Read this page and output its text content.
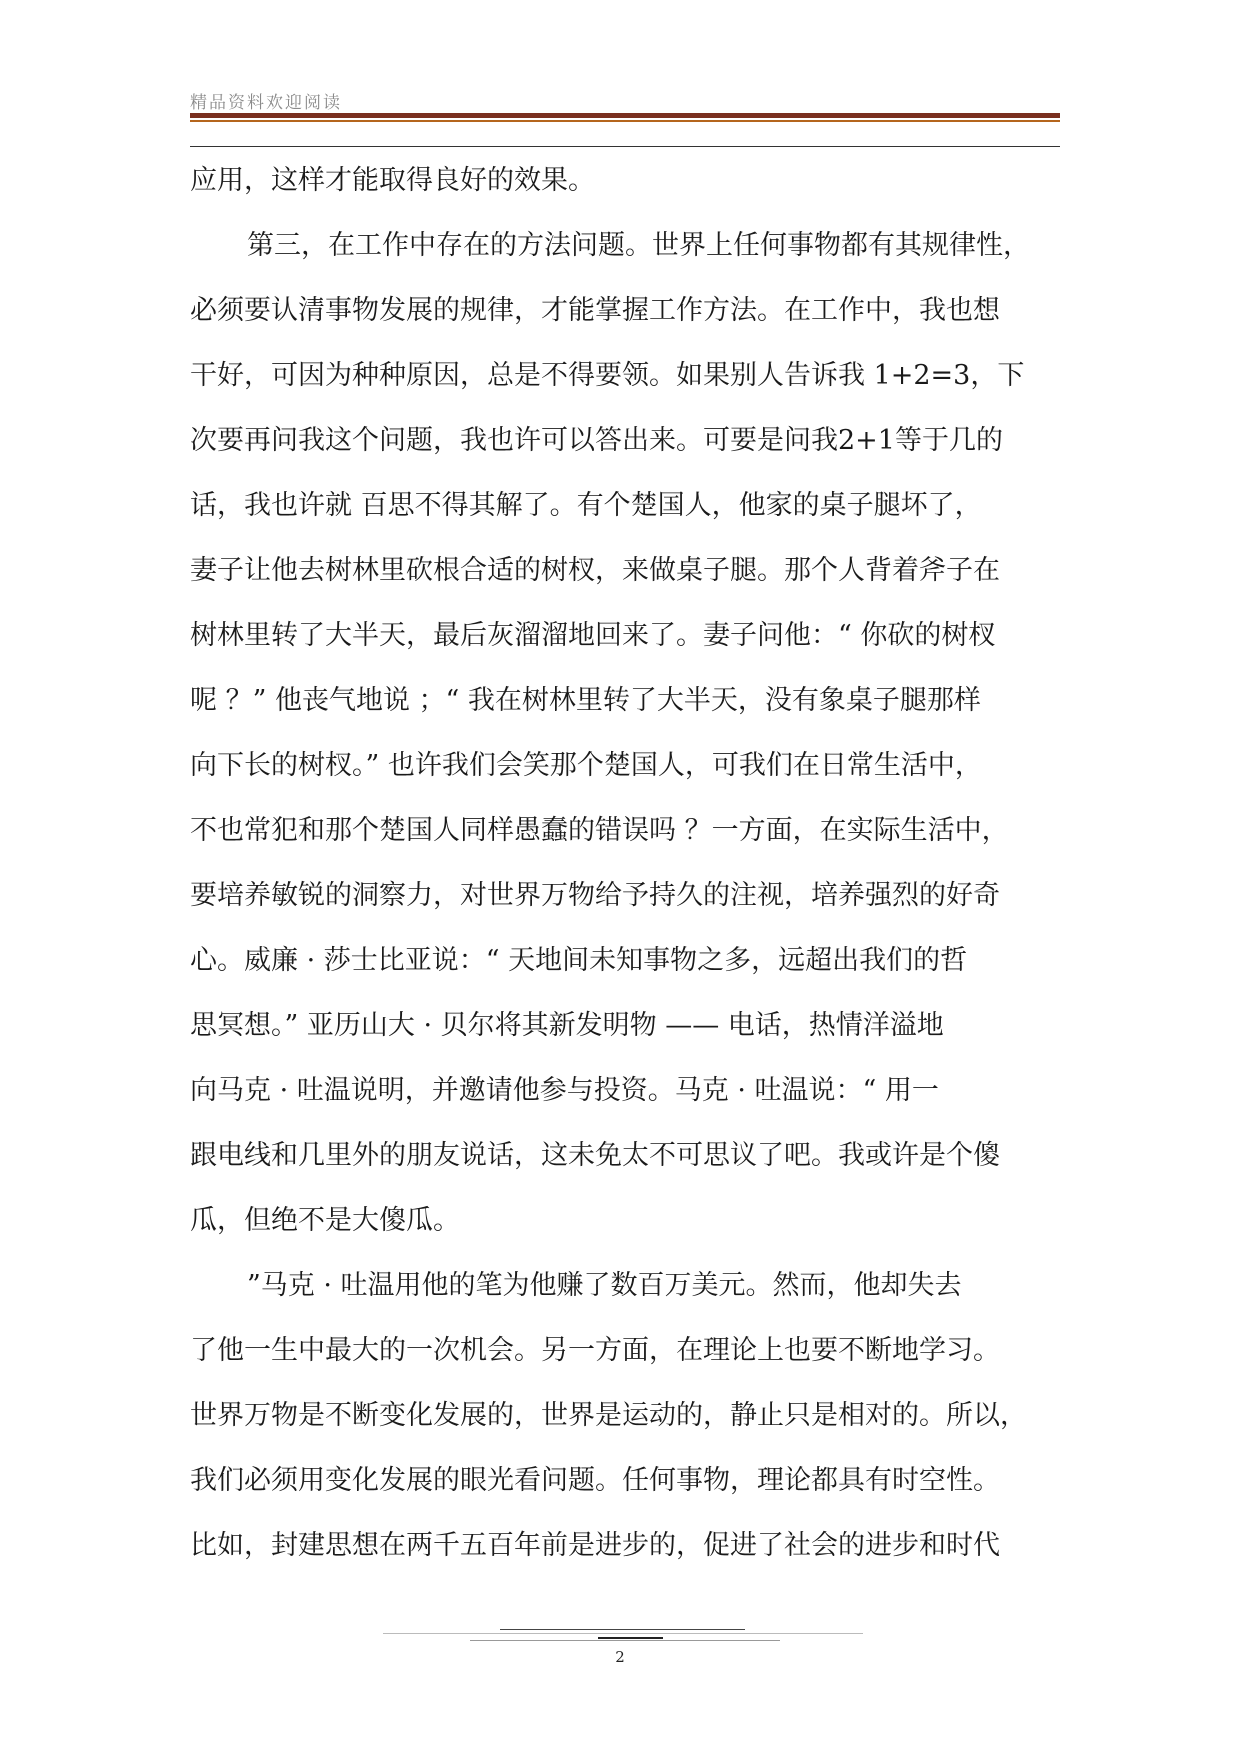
精品资料欢迎阅读
应用，这样才能取得良好的效果。
第三，在工作中存在的方法问题。世界上任何事物都有其规律性，
必须要认清事物发展的规律，才能掌握工作方法。在工作中，我也想
干好，可因为种种原因，总是不得要领。如果别人告诉我 1+2=3，下
次要再问我这个问题，我也许可以答出来。可要是问我2+1等于几的
话，我也许就 百思不得其解了。有个楚国人，他家的桌子腿坏了，
妻子让他去树林里砍根合适的树杈，来做桌子腿。那个人背着斧子在
树林里转了大半天，最后灰溜溜地回来了。妻子问他：“ 你砍的树杈
呢 ？” 他丧气地说 ；“ 我在树林里转了大半天，没有象桌子腿那样
向下长的树杈。” 也许我们会笑那个楚国人，可我们在日常生活中，
不也常犯和那个楚国人同样愚蠢的错误吗 ？一方面，在实际生活中，
要培养敏锐的洞察力，对世界万物给予持久的注视，培养强烈的好奇
心。威廉 · 莎士比亚说：“ 天地间未知事物之多，远超出我们的哲
思冥想。” 亚历山大 · 贝尔将其新发明物 —— 电话，热情洋溢地
向马克 · 吐温说明，并邀请他参与投资。马克 · 吐温说：“ 用一
跟电线和几里外的朋友说话，这未免太不可思议了吧。我或许是个傻
瓜，但绝不是大傻瓜。
”马克 · 吐温用他的笔为他赚了数百万美元。然而，他却失去
了他一生中最大的一次机会。另一方面，在理论上也要不断地学习。
世界万物是不断变化发展的，世界是运动的，静止只是相对的。所以，
我们必须用变化发展的眼光看问题。任何事物，理论都具有时空性。
比如，封建思想在两千五百年前是进步的，促进了社会的进步和时代
2
